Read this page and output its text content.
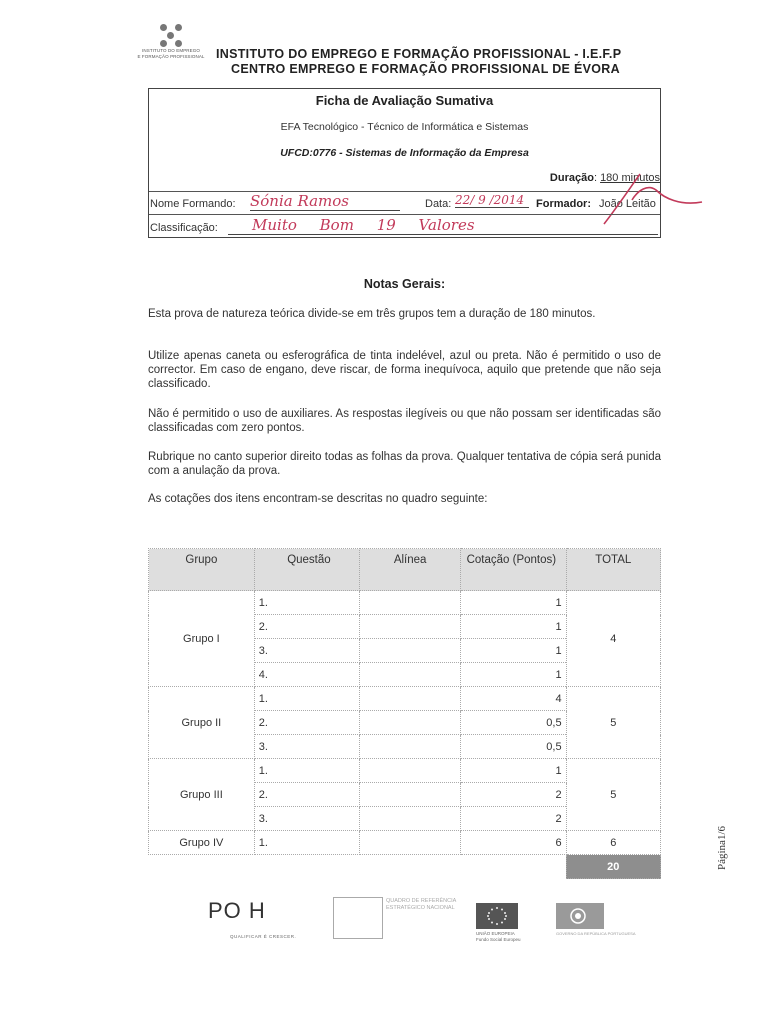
INSTITUTO DO EMPREGO
E FORMAÇÃO PROFISSIONAL INSTITUTO DO EMPREGO E FORMAÇÃO PROFISSIONAL - I.E.F.P
CENTRO EMPREGO E FORMAÇÃO PROFISSIONAL DE ÉVORA
Ficha de Avaliação Sumativa
EFA Tecnológico - Técnico de Informática e Sistemas
UFCD:0776 - Sistemas de Informação da Empresa
Duração: 180 minutos
Nome Formando: Sónia Ramos	Data: 22/ 9 /2014	Formador: João Leitão
Classificação:	Muito Bom 19 Valores
Notas Gerais:
Esta prova de natureza teórica divide-se em três grupos tem a duração de 180 minutos.
Utilize apenas caneta ou esferográfica de tinta indelével, azul ou preta. Não é permitido o uso de corrector. Em caso de engano, deve riscar, de forma inequívoca, aquilo que pretende que não seja classificado.
Não é permitido o uso de auxiliares. As respostas ilegíveis ou que não possam ser identificadas são classificadas com zero pontos.
Rubrique no canto superior direito todas as folhas da prova. Qualquer tentativa de cópia será punida com a anulação da prova.
As cotações dos itens encontram-se descritas no quadro seguinte:
Grupo	Questão	Alínea	Cotação (Pontos)	TOTAL
Grupo I	1.		1	4
	2.		1	
	3.		1	
	4.		1	
Grupo II	1.		4	5
	2.		0,5	
	3.		0,5	
Grupo III	1.		1	5
	2.		2	
	3.		2	
Grupo IV	1.		6	6
				20	Página1/6
PO H
QUALIFICAR É CRESCER.
QUADRO DE REFERÊNCIA ESTRATÉGICO NACIONAL
UNIÃO EUROPEIA
Fundo Social Europeu
GOVERNO DA REPÚBLICA PORTUGUESA
